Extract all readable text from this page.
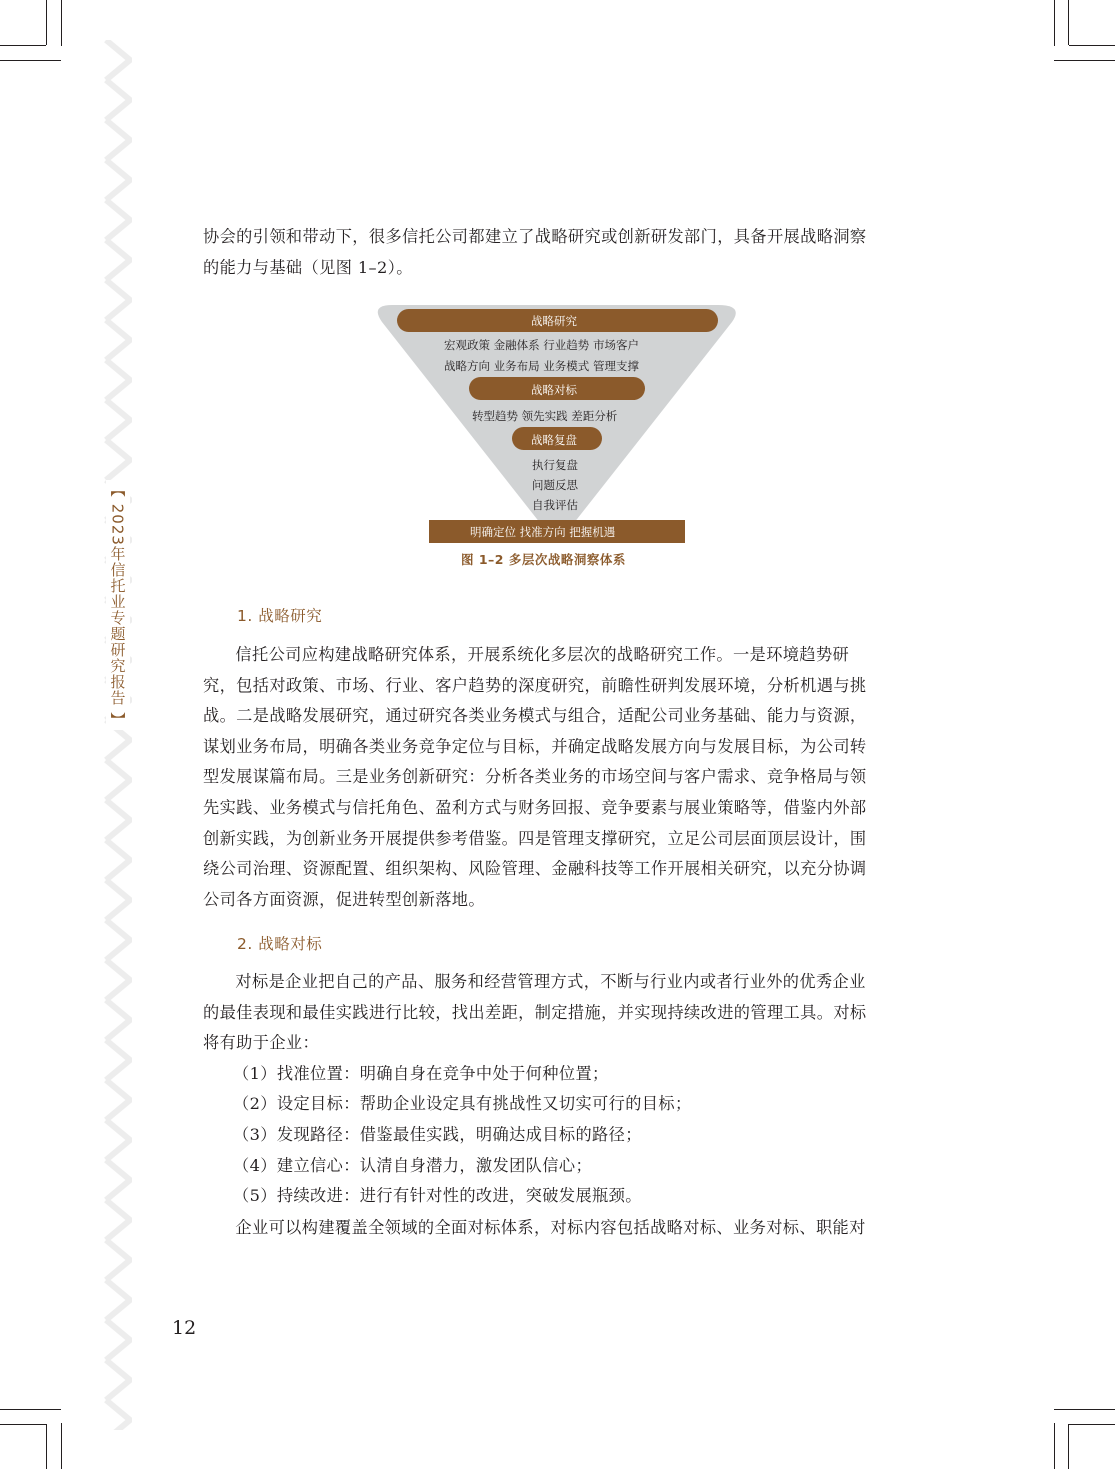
【 2023年信托业专题研究报告 】
协会的引领和带动下，很多信托公司都建立了战略研究或创新研发部门，具备开展战略洞察
的能力与基础（见图 1–2）。
战略研究
宏观政策 金融体系 行业趋势 市场客户
战略方向 业务布局 业务模式 管理支撑
战略对标
转型趋势 领先实践 差距分析
战略复盘
执行复盘
问题反思
自我评估
明确定位 找准方向 把握机遇
图 1–2 多层次战略洞察体系
1. 战略研究
信托公司应构建战略研究体系，开展系统化多层次的战略研究工作。一是环境趋势研
究，包括对政策、市场、行业、客户趋势的深度研究，前瞻性研判发展环境，分析机遇与挑
战。二是战略发展研究，通过研究各类业务模式与组合，适配公司业务基础、能力与资源，
谋划业务布局，明确各类业务竞争定位与目标，并确定战略发展方向与发展目标，为公司转
型发展谋篇布局。三是业务创新研究：分析各类业务的市场空间与客户需求、竞争格局与领
先实践、业务模式与信托角色、盈利方式与财务回报、竞争要素与展业策略等，借鉴内外部
创新实践，为创新业务开展提供参考借鉴。四是管理支撑研究，立足公司层面顶层设计，围
绕公司治理、资源配置、组织架构、风险管理、金融科技等工作开展相关研究，以充分协调
公司各方面资源，促进转型创新落地。
2. 战略对标
对标是企业把自己的产品、服务和经营管理方式，不断与行业内或者行业外的优秀企业
的最佳表现和最佳实践进行比较，找出差距，制定措施，并实现持续改进的管理工具。对标
将有助于企业：
（1）找准位置：明确自身在竞争中处于何种位置；
（2）设定目标：帮助企业设定具有挑战性又切实可行的目标；
（3）发现路径：借鉴最佳实践，明确达成目标的路径；
（4）建立信心：认清自身潜力，激发团队信心；
（5）持续改进：进行有针对性的改进，突破发展瓶颈。
企业可以构建覆盖全领域的全面对标体系，对标内容包括战略对标、业务对标、职能对
12
